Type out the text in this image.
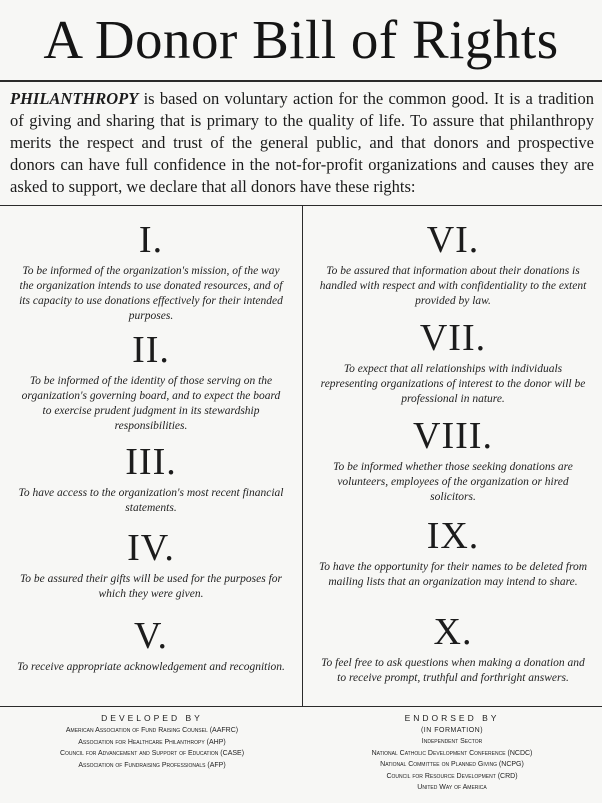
A Donor Bill of Rights
PHILANTHROPY is based on voluntary action for the common good. It is a tradition of giving and sharing that is primary to the quality of life. To assure that philanthropy merits the respect and trust of the general public, and that donors and prospective donors can have full confidence in the not-for-profit organizations and causes they are asked to support, we declare that all donors have these rights:
I.
To be informed of the organization's mission, of the way the organization intends to use donated resources, and of its capacity to use donations effectively for their intended purposes.
II.
To be informed of the identity of those serving on the organization's governing board, and to expect the board to exercise prudent judgment in its stewardship responsibilities.
III.
To have access to the organization's most recent financial statements.
IV.
To be assured their gifts will be used for the purposes for which they were given.
V.
To receive appropriate acknowledgement and recognition.
VI.
To be assured that information about their donations is handled with respect and with confidentiality to the extent provided by law.
VII.
To expect that all relationships with individuals representing organizations of interest to the donor will be professional in nature.
VIII.
To be informed whether those seeking donations are volunteers, employees of the organization or hired solicitors.
IX.
To have the opportunity for their names to be deleted from mailing lists that an organization may intend to share.
X.
To feel free to ask questions when making a donation and to receive prompt, truthful and forthright answers.
DEVELOPED BY
American Association of Fund Raising Counsel (AAFRC)
Association for Healthcare Philanthropy (AHP)
Council for Advancement and Support of Education (CASE)
Association of Fundraising Professionals (AFP)
ENDORSED BY
(IN FORMATION)
Independent Sector
National Catholic Development Conference (NCDC)
National Committee on Planned Giving (NCPG)
Council for Resource Development (CRD)
United Way of America
